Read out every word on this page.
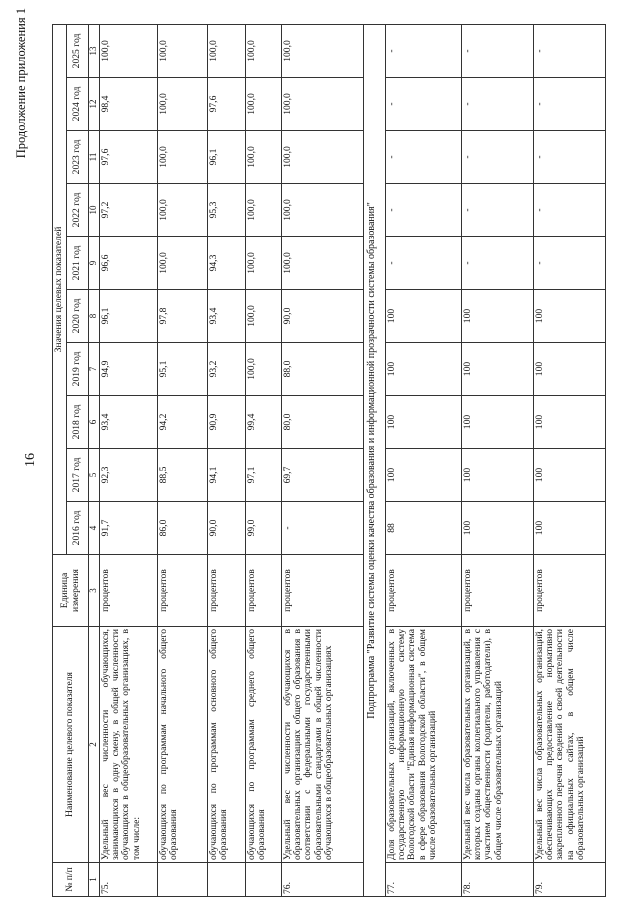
16
Продолжение приложения 1
№ п/п	Наименование целевого показателя	Единица измерения	Значения целевых показателей									
			2016 год	2017 год	2018 год	2019 год	2020 год	2021 год	2022 год	2023 год	2024 год	2025 год
1	2	3	4	5	6	7	8	9	10	11	12	13
75.	Удельный вес численности обучающихся, занимающихся в одну смену, в общей численности обучающихся в общеобразовательных организациях, в том числе:	процентов	91,7	92,3	93,4	94,9	96,1	96,6	97,2	97,6	98,4	100,0
	обучающихся по программам начального общего образования	процентов	86,0	88,5	94,2	95,1	97,8	100,0	100,0	100,0	100,0	100,0
	обучающихся по программам основного общего образования	процентов	90,0	94,1	90,9	93,2	93,4	94,3	95,3	96,1	97,6	100,0
	обучающихся по программам среднего общего образования	процентов	99,0	97,1	99,4	100,0	100,0	100,0	100,0	100,0	100,0	100,0
76.	Удельный вес численности обучающихся в образовательных организациях общего образования в соответствии с федеральными государственными образовательными стандартами в общей численности обучающихся в общеобразовательных организациях	процентов	-	69,7	80,0	88,0	90,0	100,0	100,0	100,0	100,0	100,0
Подпрограмма "Развитие системы оценки качества образования и информационной прозрачности системы образования"												
77.	Доля образовательных организаций, включенных в государственную информационную систему Вологодской области "Единая информационная система в сфере образования Вологодской области", в общем числе образовательных организаций	процентов	88	100	100	100	100	-	-	-	-	-
78.	Удельный вес числа образовательных организаций, в которых созданы органы коллегиального управления с участием общественности (родители, работодатели), в общем числе образовательных организаций	процентов	100	100	100	100	100	-	-	-	-	-
79.	Удельный вес числа образовательных организаций, обеспечивающих предоставление нормативно закрепленного перечня сведений о своей деятельности на официальных сайтах, в общем числе образовательных организаций	процентов	100	100	100	100	100	-	-	-	-	-
